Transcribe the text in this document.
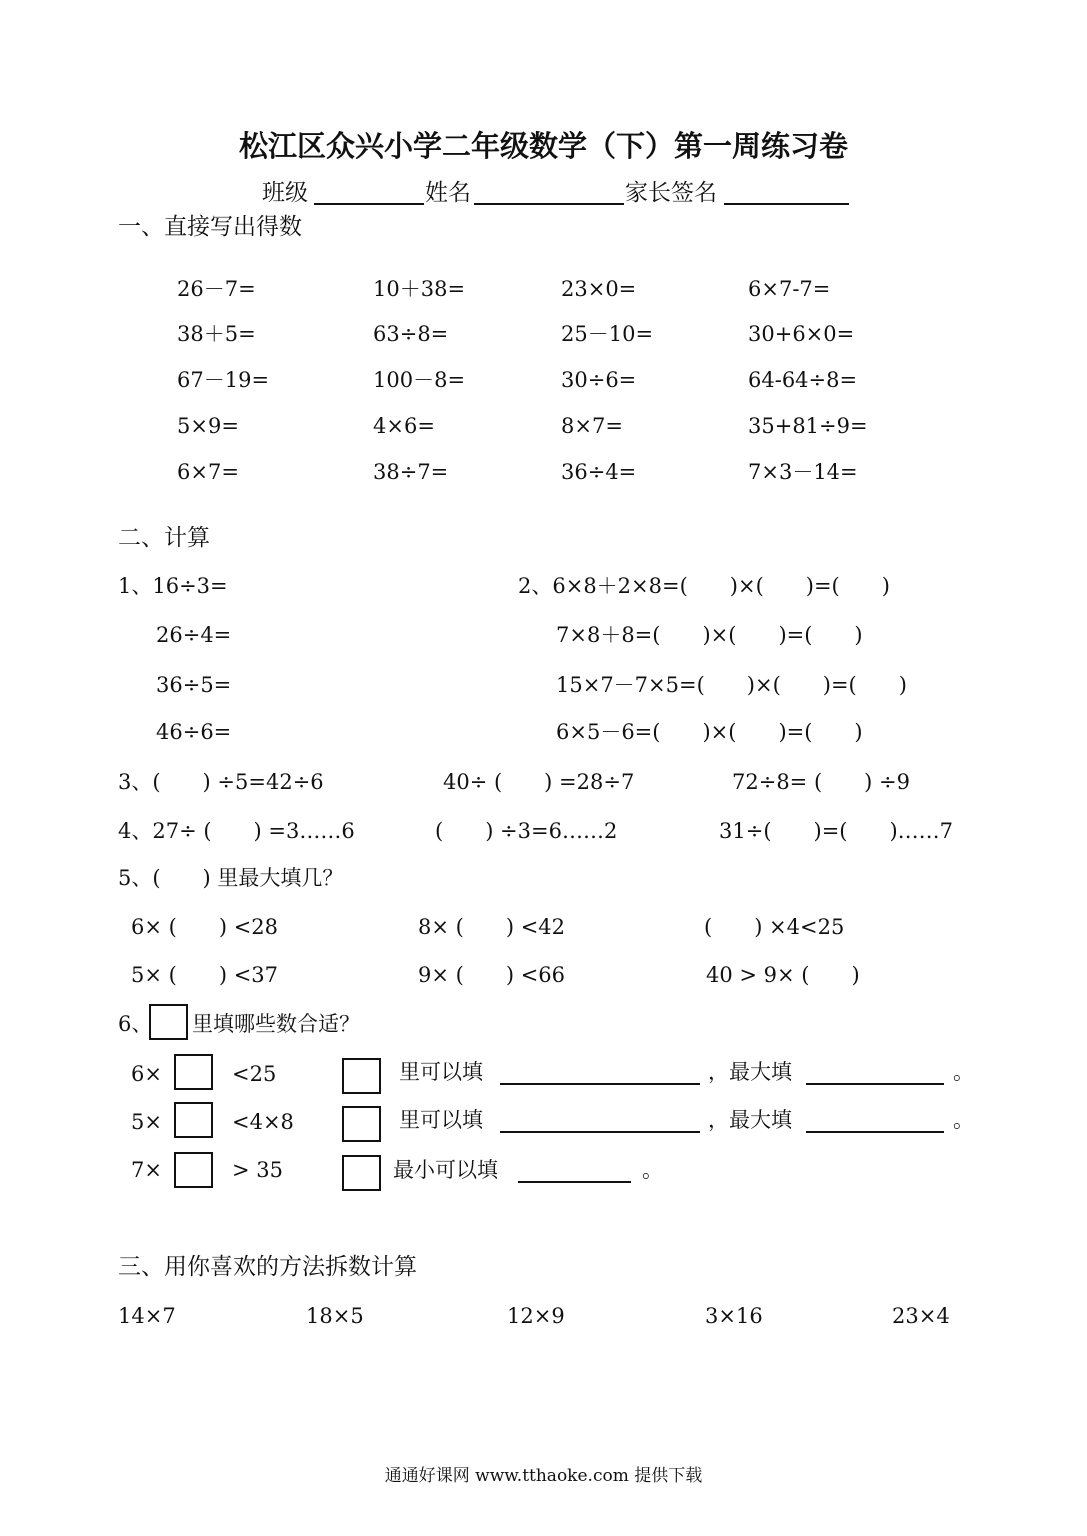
松江区众兴小学二年级数学（下）第一周练习卷
班级	姓名	家长签名
一、直接写出得数
26－7=	10＋38=	23×0=	6×7-7=
38＋5=	63÷8=	25－10=	30+6×0=
67－19=	100－8=	30÷6=	64-64÷8=
5×9=	4×6=	8×7=	35+81÷9=
6×7=	38÷7=	36÷4=	7×3－14=
二、计算
1、16÷3=
26÷4=
36÷5=
46÷6=
2、6×8＋2×8=(　　)×(　　)=(　　)
7×8＋8=(　　)×(　　)=(　　)
15×7－7×5=(　　)×(　　)=(　　)
6×5－6=(　　)×(　　)=(　　)
3、(　　) ÷5=42÷6	40÷ (　　) =28÷7	72÷8= (　　) ÷9
4、27÷ (　　) =3……6	(　　) ÷3=6……2	31÷(　　)=(　　)……7
5、(　　) 里最大填几？
6× (　　) <28	8× (　　) <42	(　　) ×4<25
5× (　　) <37	9× (　　) <66	40 > 9× (　　)
6、 里填哪些数合适？
6×	<25	里可以填	，最大填	。
5×	<4×8	里可以填	，最大填	。
7×	> 35	最小可以填	。
三、用你喜欢的方法拆数计算
14×7	18×5	12×9	3×16	23×4
通通好课网 www.tthaoke.com 提供下载
